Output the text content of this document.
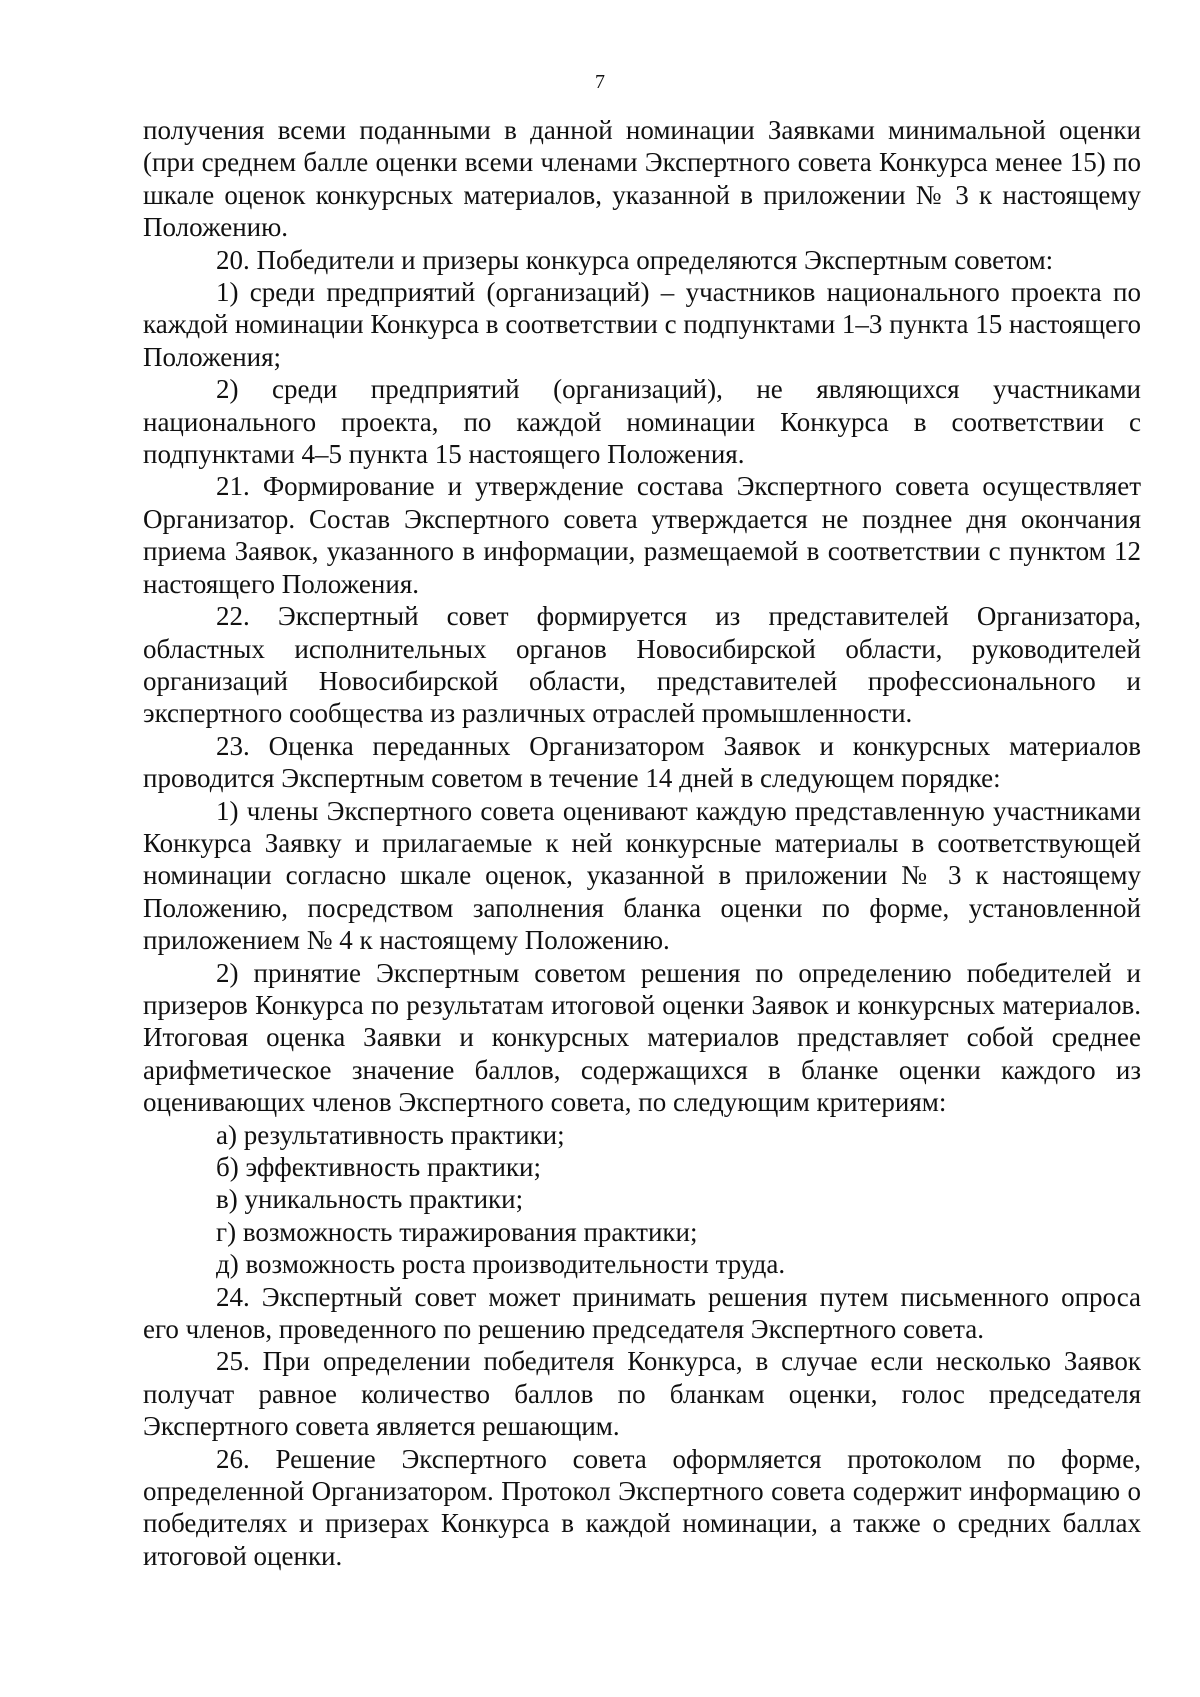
7

получения всеми поданными в данной номинации Заявками минимальной оценки (при среднем балле оценки всеми членами Экспертного совета Конкурса менее 15) по шкале оценок конкурсных материалов, указанной в приложении № 3 к настоящему Положению.

20. Победители и призеры конкурса определяются Экспертным советом:

1) среди предприятий (организаций) – участников национального проекта по каждой номинации Конкурса в соответствии с подпунктами 1–3 пункта 15 настоящего Положения;

2) среди предприятий (организаций), не являющихся участниками национального проекта, по каждой номинации Конкурса в соответствии с подпунктами 4–5 пункта 15 настоящего Положения.

21. Формирование и утверждение состава Экспертного совета осуществляет Организатор. Состав Экспертного совета утверждается не позднее дня окончания приема Заявок, указанного в информации, размещаемой в соответствии с пунктом 12 настоящего Положения.

22. Экспертный совет формируется из представителей Организатора, областных исполнительных органов Новосибирской области, руководителей организаций Новосибирской области, представителей профессионального и экспертного сообщества из различных отраслей промышленности.

23. Оценка переданных Организатором Заявок и конкурсных материалов проводится Экспертным советом в течение 14 дней в следующем порядке:

1) члены Экспертного совета оценивают каждую представленную участниками Конкурса Заявку и прилагаемые к ней конкурсные материалы в соответствующей номинации согласно шкале оценок, указанной в приложении № 3 к настоящему Положению, посредством заполнения бланка оценки по форме, установленной приложением № 4 к настоящему Положению.

2) принятие Экспертным советом решения по определению победителей и призеров Конкурса по результатам итоговой оценки Заявок и конкурсных материалов. Итоговая оценка Заявки и конкурсных материалов представляет собой среднее арифметическое значение баллов, содержащихся в бланке оценки каждого из оценивающих членов Экспертного совета, по следующим критериям:

а) результативность практики;

б) эффективность практики;

в) уникальность практики;

г) возможность тиражирования практики;

д) возможность роста производительности труда.

24. Экспертный совет может принимать решения путем письменного опроса его членов, проведенного по решению председателя Экспертного совета.

25. При определении победителя Конкурса, в случае если несколько Заявок получат равное количество баллов по бланкам оценки, голос председателя Экспертного совета является решающим.

26. Решение Экспертного совета оформляется протоколом по форме, определенной Организатором. Протокол Экспертного совета содержит информацию о победителях и призерах Конкурса в каждой номинации, а также о средних баллах итоговой оценки.
